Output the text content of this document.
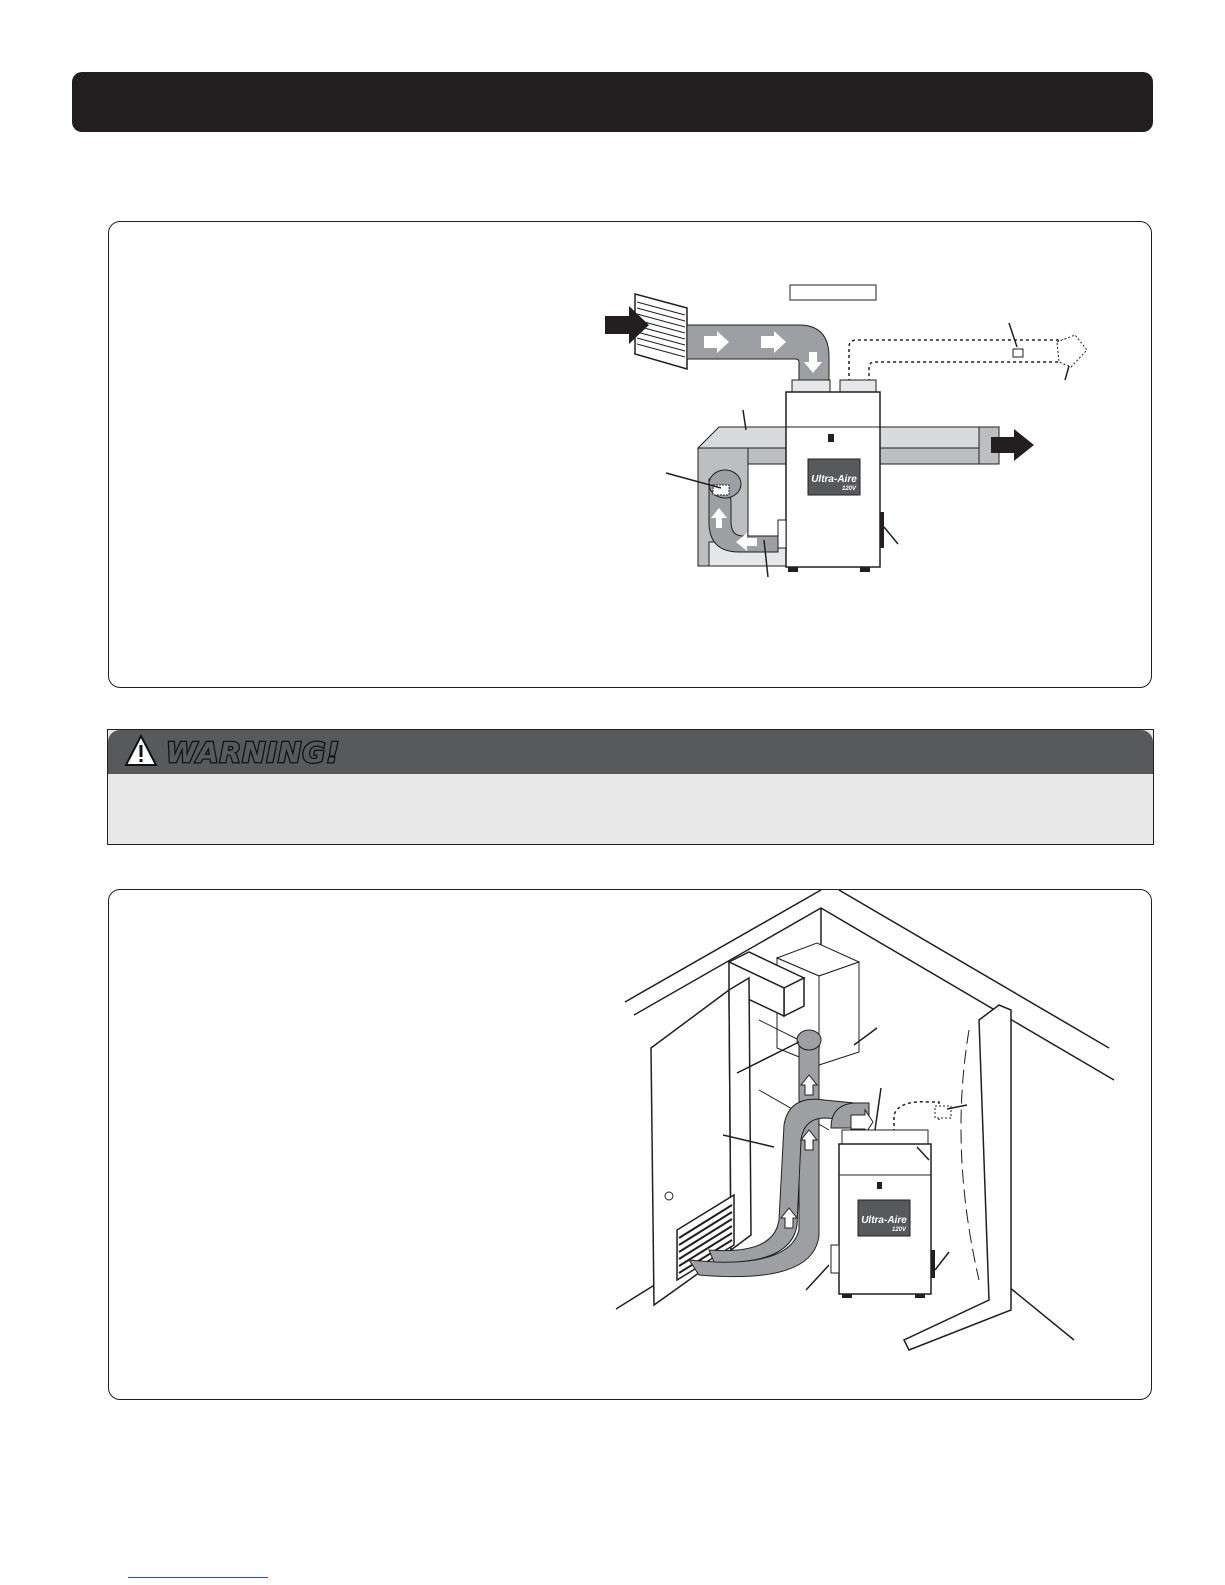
Ultra-Aire
120V
WARNING!
Ultra-Aire
120V
